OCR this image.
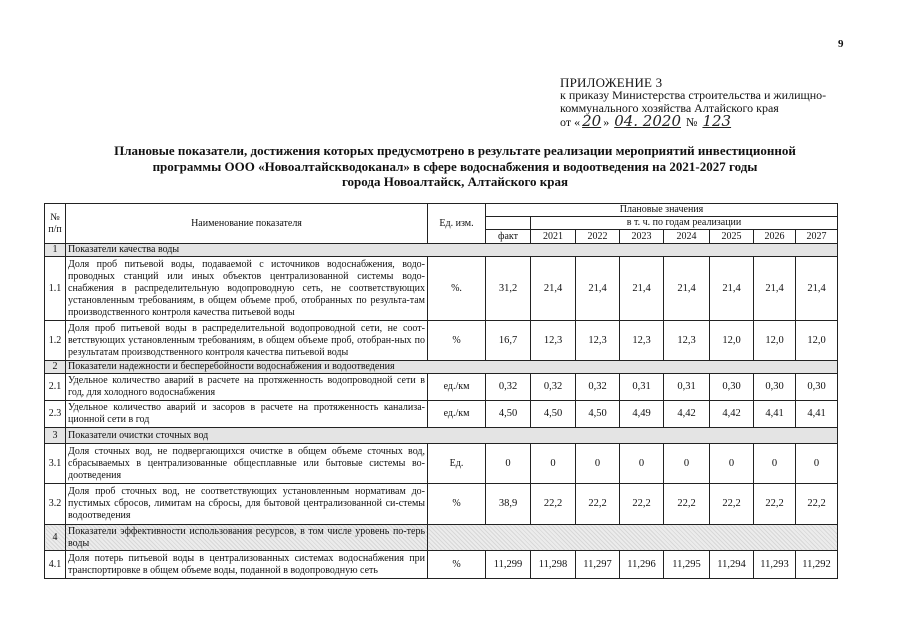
9
ПРИЛОЖЕНИЕ 3
к приказу Министерства строительства и жилищно-
коммунального хозяйства Алтайского края
от « 20 » 04. 2020 № 123
Плановые показатели, достижения которых предусмотрено в результате реализации мероприятий инвестиционной
программы ООО «Новоалтайскводоканал» в сфере водоснабжения и водоотведения на 2021-2027 годы
города Новоалтайск, Алтайского края
№ п/п	Наименование показателя	Ед. изм.	Плановые значения							
				в т. ч. по годам реализации						
			факт	2021	2022	2023	2024	2025	2026	2027
1	Показатели качества воды									
1.1	Доля проб питьевой воды, подаваемой с источников водоснабжения, водо-проводных станций или иных объектов централизованной системы водо-снабжения в распределительную водопроводную сеть, не соответствующих установленным требованиям, в общем объеме проб, отобранных по результа-там производственного контроля качества питьевой воды	%.	31,2	21,4	21,4	21,4	21,4	21,4	21,4	21,4
1.2	Доля проб питьевой воды в распределительной водопроводной сети, не соот-ветствующих установленным требованиям, в общем объеме проб, отобран-ных по результатам производственного контроля качества питьевой воды	%	16,7	12,3	12,3	12,3	12,3	12,0	12,0	12,0
2	Показатели надежности и бесперебойности водоснабжения и водоотведения									
2.1	Удельное количество аварий в расчете на протяженность водопроводной сети в год, для холодного водоснабжения	ед./км	0,32	0,32	0,32	0,31	0,31	0,30	0,30	0,30
2.3	Удельное количество аварий и засоров в расчете на протяженность канализа-ционной сети в год	ед./км	4,50	4,50	4,50	4,49	4,42	4,42	4,41	4,41
3	Показатели очистки сточных вод									
3.1	Доля сточных вод, не подвергающихся очистке в общем объеме сточных вод, сбрасываемых в централизованные общесплавные или бытовые системы во-доотведения	Ед.	0	0	0	0	0	0	0	0
3.2	Доля проб сточных вод, не соответствующих установленным нормативам до-пустимых сбросов, лимитам на сбросы, для бытовой централизованной си-стемы водоотведения	%	38,9	22,2	22,2	22,2	22,2	22,2	22,2	22,2
4	Показатели эффективности использования ресурсов, в том числе уровень по-терь воды									
4.1	Доля потерь питьевой воды в централизованных системах водоснабжения при транспортировке в общем объеме воды, поданной в водопроводную сеть	%	11,299	11,298	11,297	11,296	11,295	11,294	11,293	11,292
